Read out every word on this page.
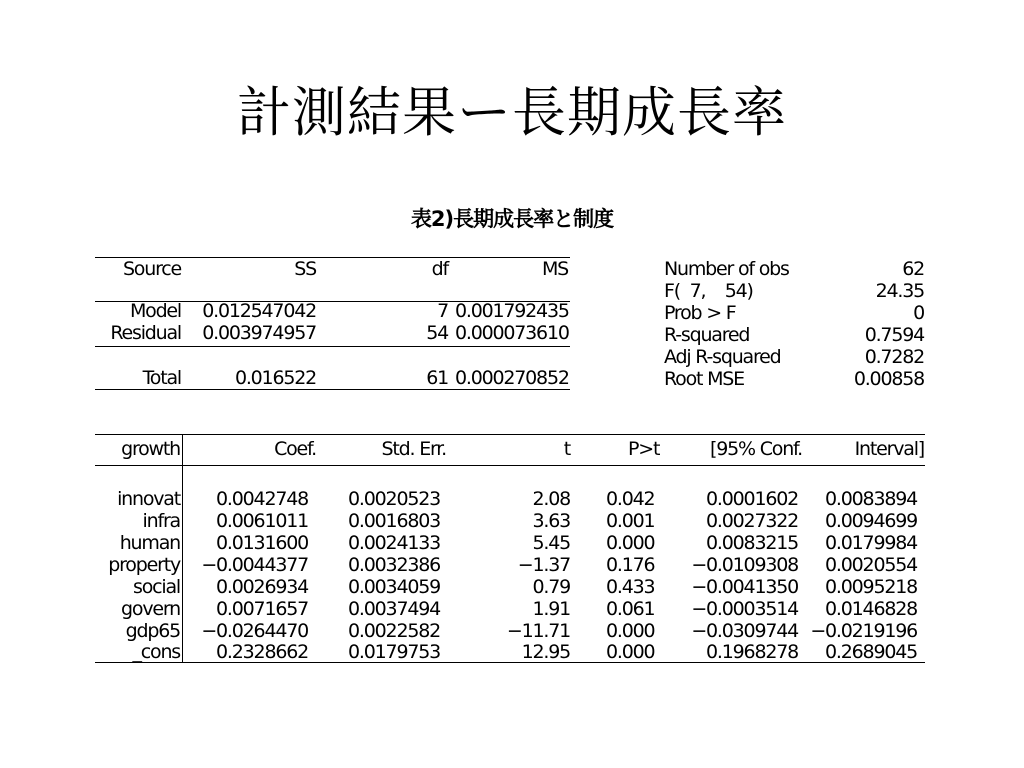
計測結果ー長期成長率
表2)長期成長率と制度
Source	SS	df	MS
Model 0.012547042	7 0.001792435
Residual 0.003974957	54 0.000073610
Total	0.016522	61 0.000270852
Number of obs	62
F(  7,    54)	24.35
Prob > F	0
R-squared	0.7594
Adj R-squared	0.7282
Root MSE	0.00858
growth	Coef.	Std. Err.	t	P>t	[95% Conf.	Interval]
innovat	0.0042748	0.0020523	2.08 0.042	0.0001602	0.0083894
infra	0.0061011	0.0016803	3.63 0.001	0.0027322	0.0094699
human	0.0131600	0.0024133	5.45 0.000	0.0083215	0.0179984
property	−0.0044377	0.0032386	−1.37 0.176	−0.0109308	0.0020554
social	0.0026934	0.0034059	0.79 0.433	−0.0041350	0.0095218
govern	0.0071657	0.0037494	1.91 0.061	−0.0003514	0.0146828
gdp65	−0.0264470	0.0022582	−11.71 0.000	−0.0309744 −0.0219196
_cons	0.2328662	0.0179753	12.95 0.000	0.1968278	0.2689045
